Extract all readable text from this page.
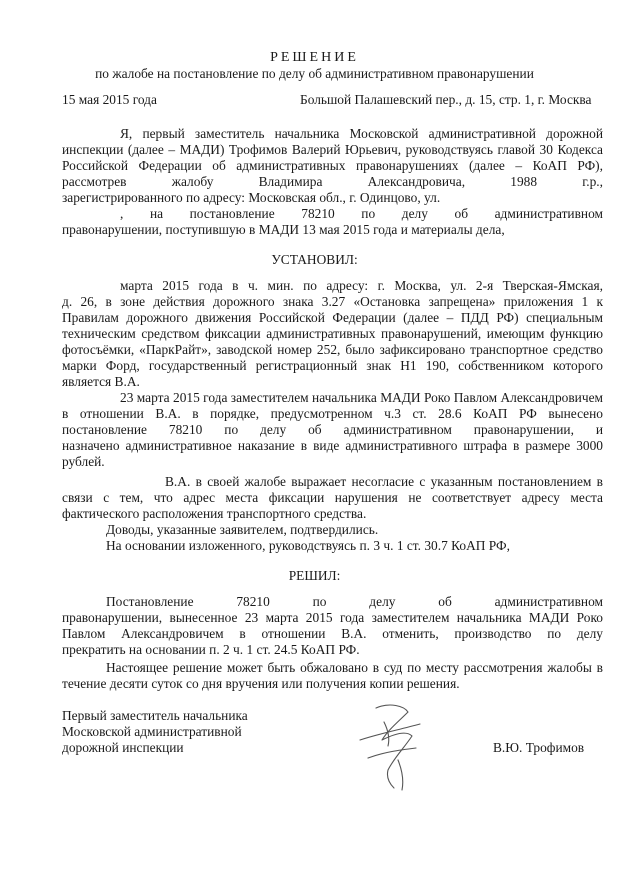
РЕШЕНИЕ
по жалобе на постановление по делу об административном правонарушении
15 мая 2015 года	Большой Палашевский пер., д. 15, стр. 1, г. Москва
Я, первый заместитель начальника Московской административной дорожной
инспекции (далее – МАДИ) Трофимов Валерий Юрьевич, руководствуясь главой 30 Кодекса
Российской Федерации об административных правонарушениях (далее – КоАП РФ),
рассмотрев жалобу Владимира Александровича, 1988 г.р.,
зарегистрированного по адресу: Московская обл., г. Одинцово, ул.
, на постановление 78210 по делу об административном
правонарушении, поступившую в МАДИ 13 мая 2015 года и материалы дела,
УСТАНОВИЛ:
марта 2015 года в ч. мин. по адресу: г. Москва, ул. 2-я Тверская-Ямская,
д. 26, в зоне действия дорожного знака 3.27 «Остановка запрещена» приложения 1 к
Правилам дорожного движения Российской Федерации (далее – ПДД РФ) специальным
техническим средством фиксации административных правонарушений, имеющим функцию
фотосъёмки, «ПаркРайт», заводской номер 252, было зафиксировано транспортное средство
марки Форд, государственный регистрационный знак Н1 190, собственником которого
является В.А.
23 марта 2015 года заместителем начальника МАДИ Роко Павлом Александровичем
в отношении В.А. в порядке, предусмотренном ч.3 ст. 28.6 КоАП РФ вынесено
постановление 78210 по делу об административном правонарушении, и
назначено административное наказание в виде административного штрафа в размере 3000
рублей.
В.А. в своей жалобе выражает несогласие с указанным постановлением в
связи с тем, что адрес места фиксации нарушения не соответствует адресу места
фактического расположения транспортного средства.
Доводы, указанные заявителем, подтвердились.
На основании изложенного, руководствуясь п. 3 ч. 1 ст. 30.7 КоАП РФ,
РЕШИЛ:
Постановление 78210 по делу об административном
правонарушении, вынесенное 23 марта 2015 года заместителем начальника МАДИ Роко
Павлом Александровичем в отношении В.А. отменить, производство по делу
прекратить на основании п. 2 ч. 1 ст. 24.5 КоАП РФ.
Настоящее решение может быть обжаловано в суд по месту рассмотрения жалобы в
течение десяти суток со дня вручения или получения копии решения.
Первый заместитель начальника
Московской административной
дорожной инспекции	В.Ю. Трофимов
